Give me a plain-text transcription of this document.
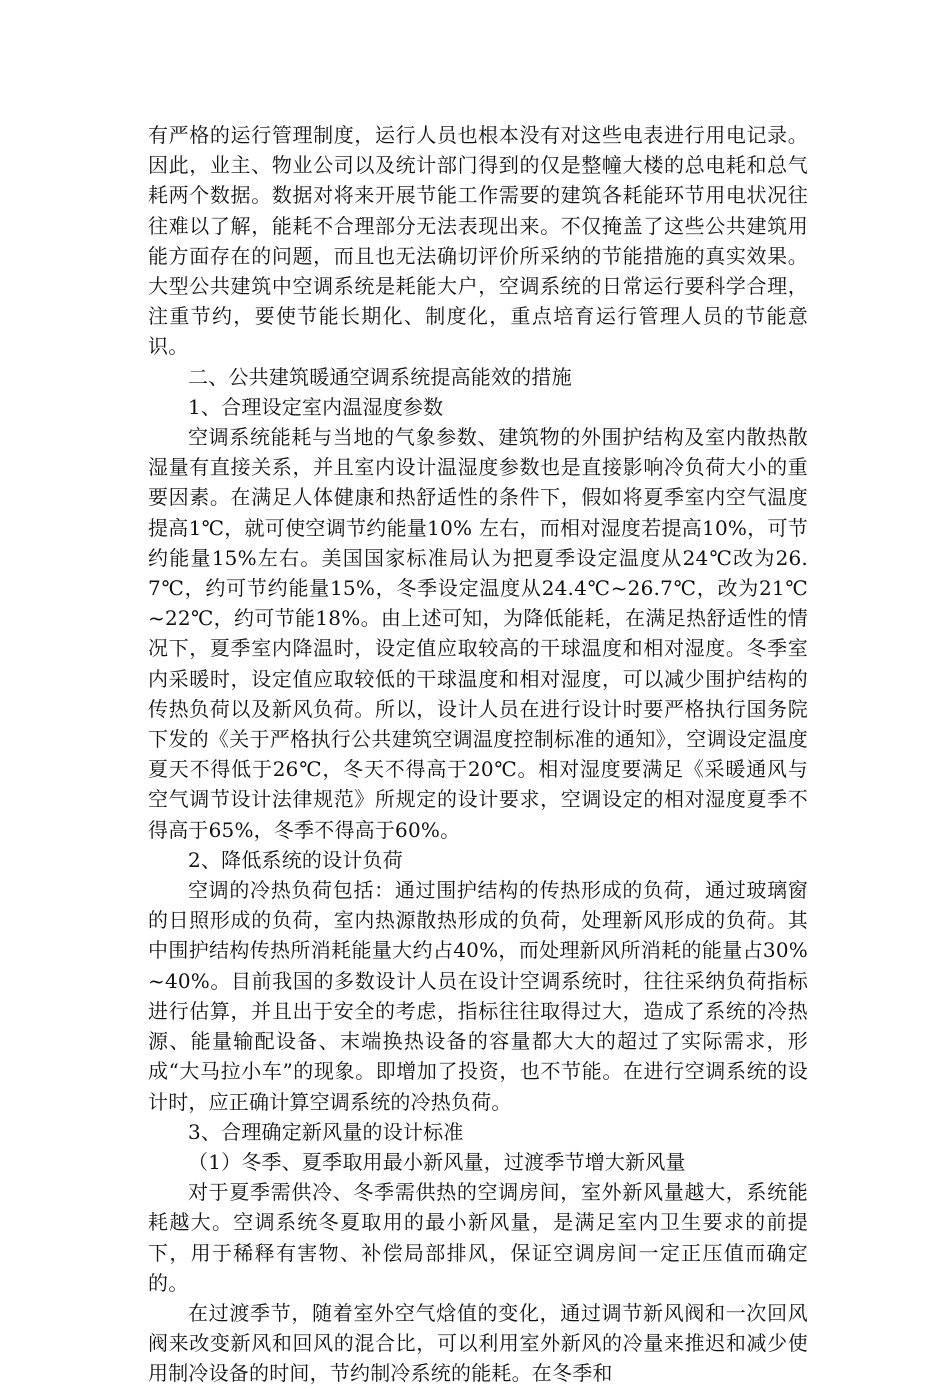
有严格的运行管理制度，运行人员也根本没有对这些电表进行用电记录。因此，业主、物业公司以及统计部门得到的仅是整幢大楼的总电耗和总气耗两个数据。数据对将来开展节能工作需要的建筑各耗能环节用电状况往往难以了解，能耗不合理部分无法表现出来。不仅掩盖了这些公共建筑用能方面存在的问题，而且也无法确切评价所采纳的节能措施的真实效果。大型公共建筑中空调系统是耗能大户，空调系统的日常运行要科学合理，注重节约，要使节能长期化、制度化，重点培育运行管理人员的节能意识。

二、公共建筑暖通空调系统提高能效的措施

1、合理设定室内温湿度参数

空调系统能耗与当地的气象参数、建筑物的外围护结构及室内散热散湿量有直接关系，并且室内设计温湿度参数也是直接影响冷负荷大小的重要因素。在满足人体健康和热舒适性的条件下，假如将夏季室内空气温度提高1℃，就可使空调节约能量10% 左右，而相对湿度若提高10%，可节约能量15%左右。美国国家标准局认为把夏季设定温度从24℃改为26.7℃，约可节约能量15%，冬季设定温度从24.4℃~26.7℃，改为21℃~22℃，约可节能18%。由上述可知，为降低能耗，在满足热舒适性的情况下，夏季室内降温时，设定值应取较高的干球温度和相对湿度。冬季室内采暖时，设定值应取较低的干球温度和相对湿度，可以减少围护结构的传热负荷以及新风负荷。所以，设计人员在进行设计时要严格执行国务院下发的《关于严格执行公共建筑空调温度控制标准的通知》，空调设定温度夏天不得低于26℃，冬天不得高于20℃。相对湿度要满足《采暖通风与空气调节设计法律规范》所规定的设计要求，空调设定的相对湿度夏季不得高于65%，冬季不得高于60%。

2、降低系统的设计负荷

空调的冷热负荷包括：通过围护结构的传热形成的负荷，通过玻璃窗的日照形成的负荷，室内热源散热形成的负荷，处理新风形成的负荷。其中围护结构传热所消耗能量大约占40%，而处理新风所消耗的能量占30%~40%。目前我国的多数设计人员在设计空调系统时，往往采纳负荷指标进行估算，并且出于安全的考虑，指标往往取得过大，造成了系统的冷热源、能量输配设备、末端换热设备的容量都大大的超过了实际需求，形成“大马拉小车”的现象。即增加了投资，也不节能。在进行空调系统的设计时，应正确计算空调系统的冷热负荷。

3、合理确定新风量的设计标准

（1）冬季、夏季取用最小新风量，过渡季节增大新风量

对于夏季需供冷、冬季需供热的空调房间，室外新风量越大，系统能耗越大。空调系统冬夏取用的最小新风量，是满足室内卫生要求的前提下，用于稀释有害物、补偿局部排风，保证空调房间一定正压值而确定的。

在过渡季节，随着室外空气焓值的变化，通过调节新风阀和一次回风阀来改变新风和回风的混合比，可以利用室外新风的冷量来推迟和减少使用制冷设备的时间，节约制冷系统的能耗。在冬季和
